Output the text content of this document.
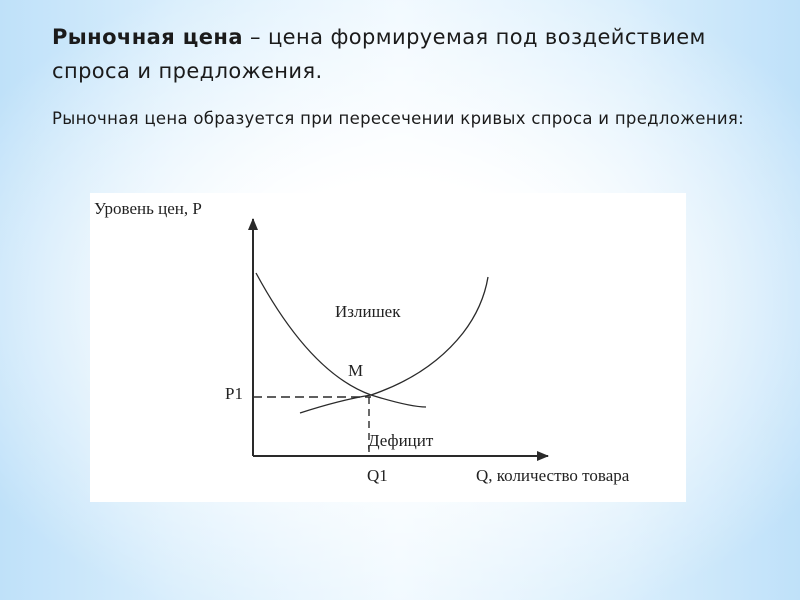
Рыночная цена – цена формируемая под воздействием спроса и предложения.
Рыночная цена образуется при пересечении кривых спроса и предложения:
Уровень цен, P
Излишек
M
P1
Дефицит
Q1	Q, количество товара
